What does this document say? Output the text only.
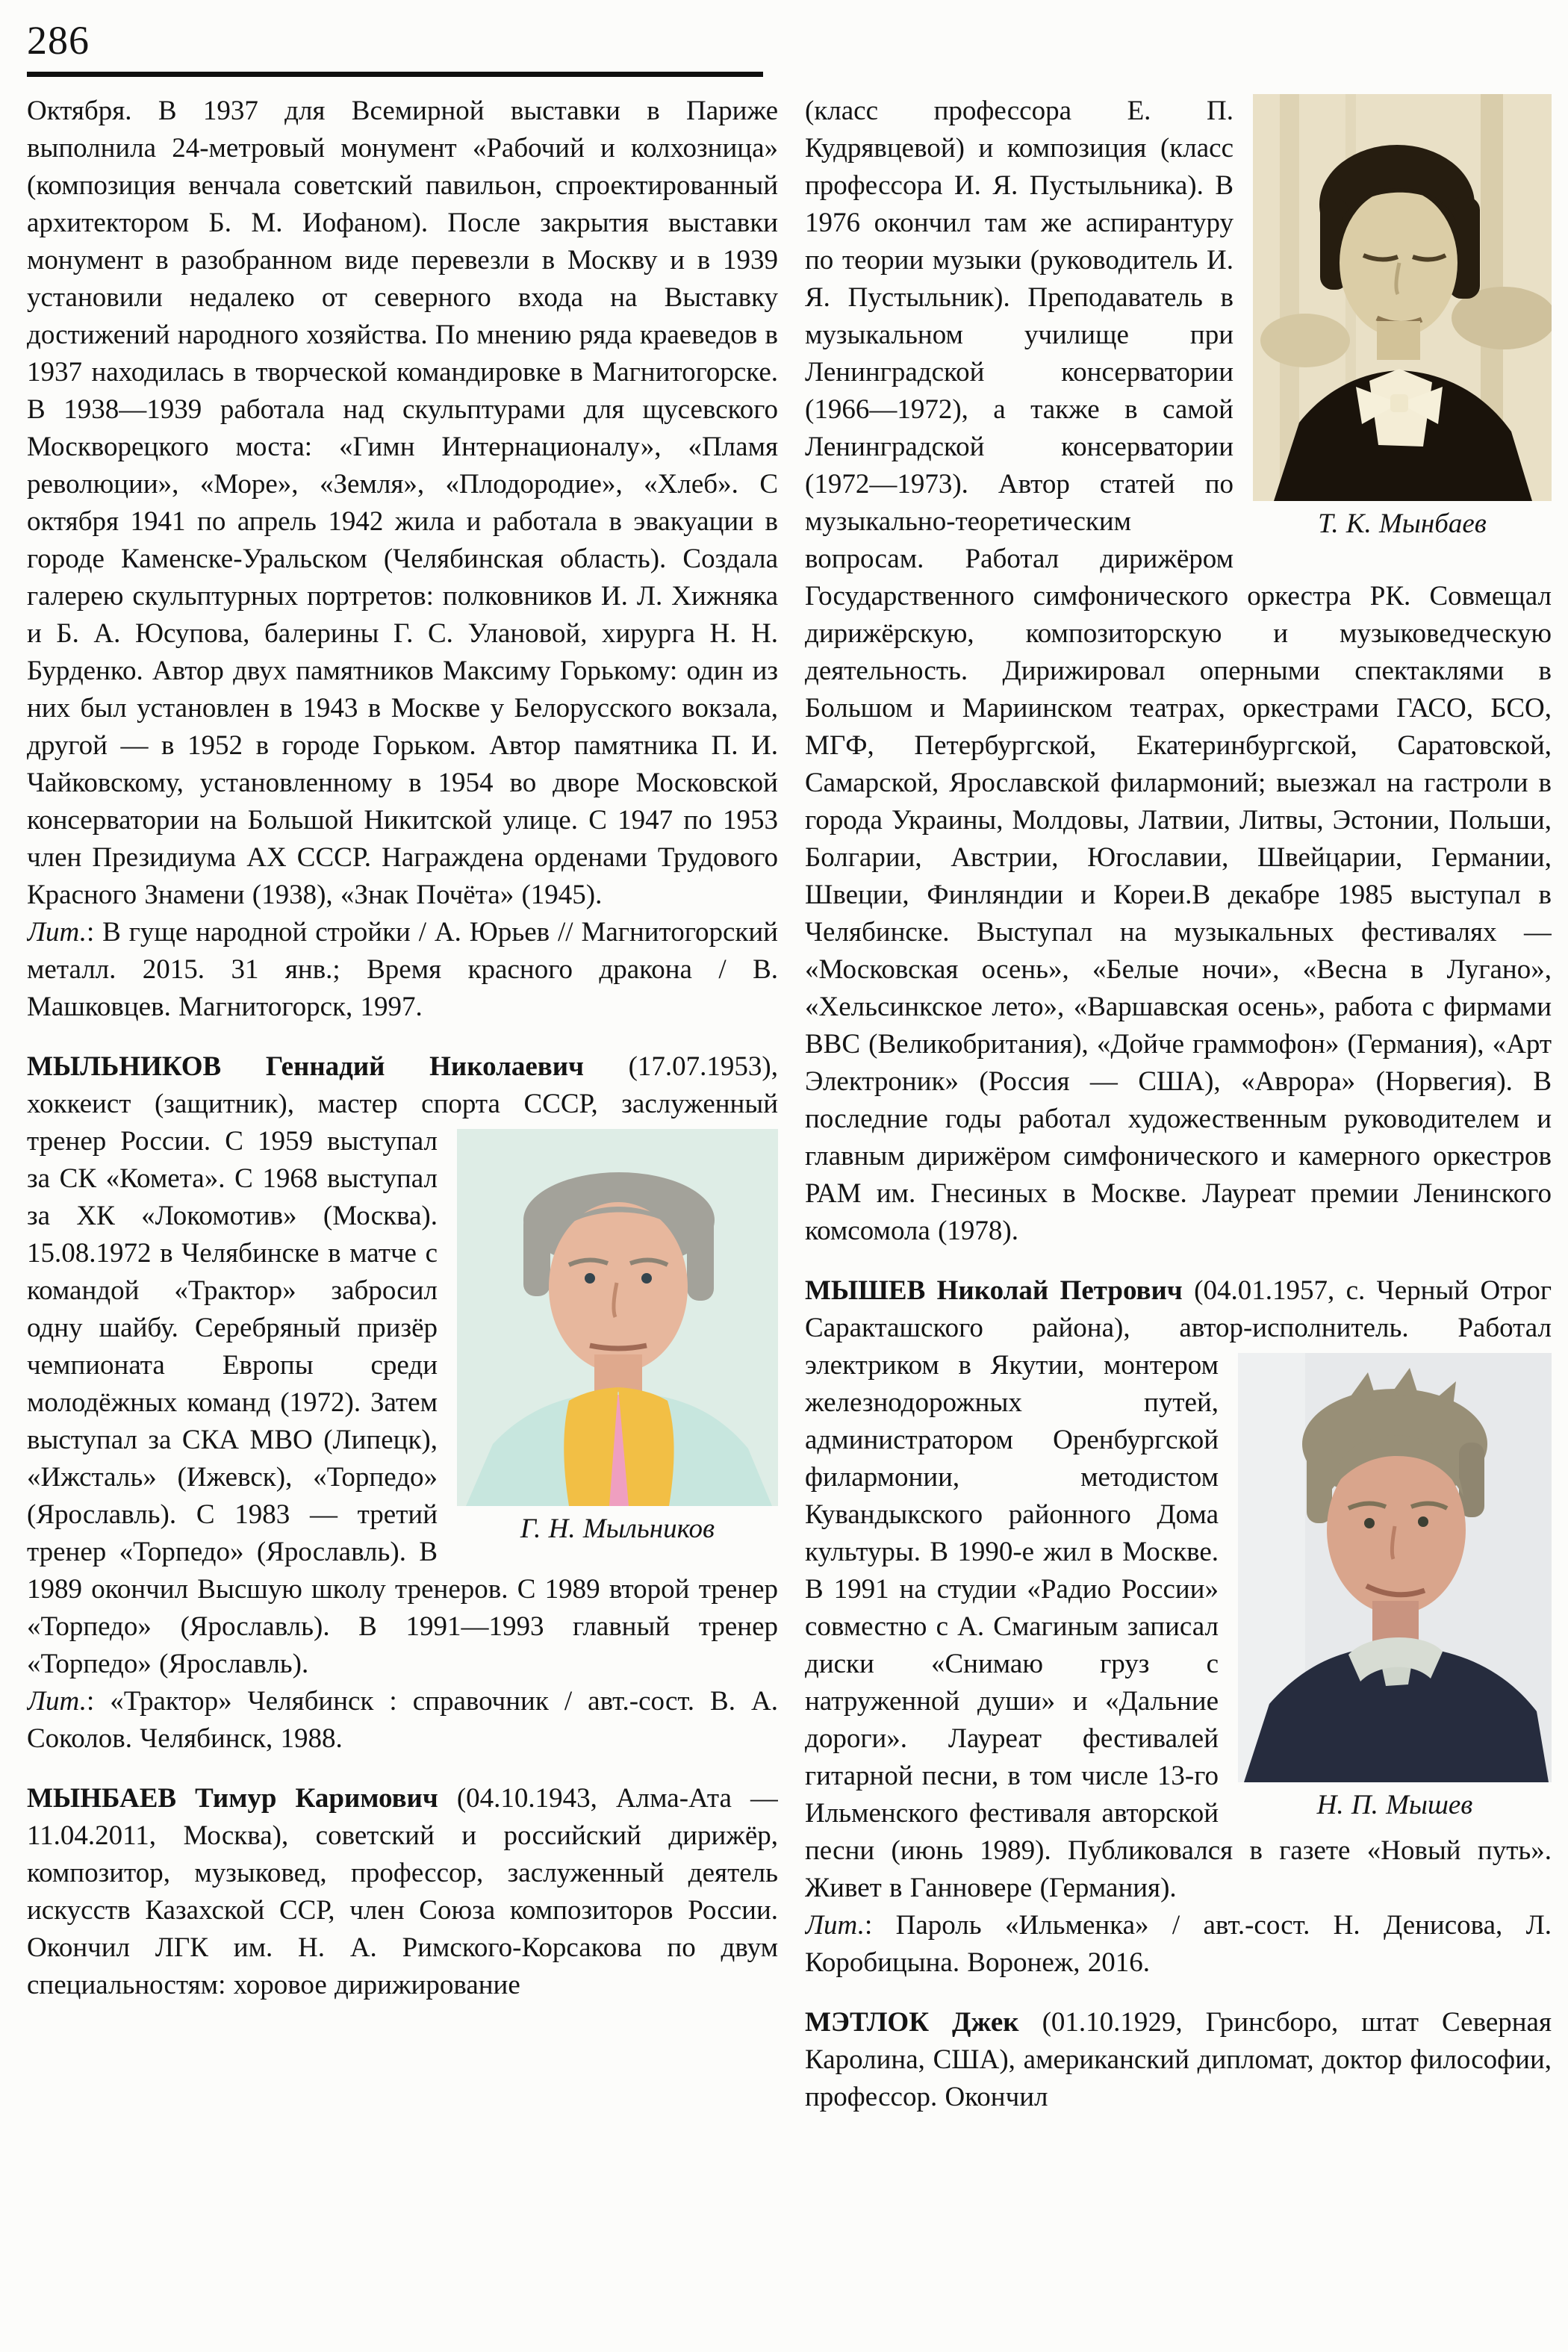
286
Октября. В 1937 для Всемирной выставки в Париже выполнила 24-метровый монумент «Рабочий и колхозница» (композиция венчала советский павильон, спроектированный архитектором Б. М. Иофаном). После закрытия выставки монумент в разобранном виде перевезли в Москву и в 1939 установили недалеко от северного входа на Выставку достижений народного хозяйства. По мнению ряда краеведов в 1937 находилась в творческой командировке в Магнитогорске. В 1938—1939 работала над скульптурами для щусевского Москворецкого моста: «Гимн Интернационалу», «Пламя революции», «Море», «Земля», «Плодородие», «Хлеб». С октября 1941 по апрель 1942 жила и работала в эвакуации в городе Каменске-Уральском (Челябинская область). Создала галерею скульптурных портретов: полковников И. Л. Хижняка и Б. А. Юсупова, балерины Г. С. Улановой, хирурга Н. Н. Бурденко. Автор двух памятников Максиму Горькому: один из них был установлен в 1943 в Москве у Белорусского вокзала, другой — в 1952 в городе Горьком. Автор памятника П. И. Чайковскому, установленному в 1954 во дворе Московской консерватории на Большой Никитской улице. С 1947 по 1953 член Президиума АХ СССР. Награждена орденами Трудового Красного Знамени (1938), «Знак Почёта» (1945).
Лит.: В гуще народной стройки / А. Юрьев // Магнитогорский металл. 2015. 31 янв.; Время красного дракона / В. Машковцев. Магнитогорск, 1997.
МЫЛЬНИКОВ Геннадий Николаевич (17.07.1953), хоккеист (защитник), мастер спорта
Г. Н. Мыльников
СССР, заслуженный тренер России. С 1959 выступал за СК «Комета». С 1968 выступал за ХК «Локомотив» (Москва). 15.08.1972 в Челябинске в матче с командой «Трактор» забросил одну шайбу. Серебряный призёр чемпионата Европы среди молодёжных команд (1972). Затем выступал за СКА МВО (Липецк), «Ижсталь» (Ижевск), «Торпедо» (Ярославль). С 1983 — третий тренер «Торпедо» (Ярославль). В 1989 окончил Высшую школу тренеров. С 1989 второй тренер «Торпедо» (Ярославль). В 1991—1993 главный тренер «Торпедо» (Ярославль).
Лит.: «Трактор» Челябинск : справочник / авт.-сост. В. А. Соколов. Челябинск, 1988.
МЫНБАЕВ Тимур Каримович (04.10.1943, Алма-Ата — 11.04.2011, Москва), советский и российский дирижёр, композитор, музыковед, профессор, заслуженный деятель искусств Казахской ССР, член Союза композиторов России. Окончил ЛГК им. Н. А. Римского-Корсакова по двум специальностям: хоровое дирижирование
Т. К. Мынбаев
(класс профессора Е. П. Кудрявцевой) и композиция (класс профессора И. Я. Пустыльника). В 1976 окончил там же аспирантуру по теории музыки (руководитель И. Я. Пустыльник). Преподаватель в музыкальном училище при Ленинградской консерватории (1966—1972), а также в самой Ленинградской консерватории (1972—1973). Автор статей по музыкально-теоретическим вопросам. Работал дирижёром Государственного симфонического оркестра РК. Совмещал дирижёрскую, композиторскую и музыковедческую деятельность. Дирижировал оперными спектаклями в Большом и Мариинском театрах, оркестрами ГАСО, БСО, МГФ, Петербургской, Екатеринбургской, Саратовской, Самарской, Ярославской филармоний; выезжал на гастроли в города Украины, Молдовы, Латвии, Литвы, Эстонии, Польши, Болгарии, Австрии, Югославии, Швейцарии, Германии, Швеции, Финляндии и Кореи.В декабре 1985 выступал в Челябинске. Выступал на музыкальных фестивалях — «Московская осень», «Белые ночи», «Весна в Лугано», «Хельсинкское лето», «Варшавская осень», работа с фирмами BBC (Великобритания), «Дойче граммофон» (Германия), «Арт Электроник» (Россия — США), «Аврора» (Норвегия). В последние годы работал художественным руководителем и главным дирижёром симфонического и камерного оркестров РАМ им. Гнесиных в Москве. Лауреат премии Ленинского комсомола (1978).
МЫШЕВ Николай Петрович (04.01.1957, с. Черный Отрог Саракташского района), автор-исполнитель.
Н. П. Мышев
Работал электриком в Якутии, монтером железнодорожных путей, администратором Оренбургской филармонии, методистом Кувандыкского районного Дома культуры. В 1990-е жил в Москве. В 1991 на студии «Радио России» совместно с А. Смагиным записал диски «Снимаю груз с натруженной души» и «Дальние дороги». Лауреат фестивалей гитарной песни, в том числе 13-го Ильменского фестиваля авторской песни (июнь 1989). Публиковался в газете «Новый путь». Живет в Ганновере (Германия).
Лит.: Пароль «Ильменка» / авт.-сост. Н. Денисова, Л. Коробицына. Воронеж, 2016.
МЭТЛОК Джек (01.10.1929, Гринсборо, штат Северная Каролина, США), американский дипломат, доктор философии, профессор. Окончил
